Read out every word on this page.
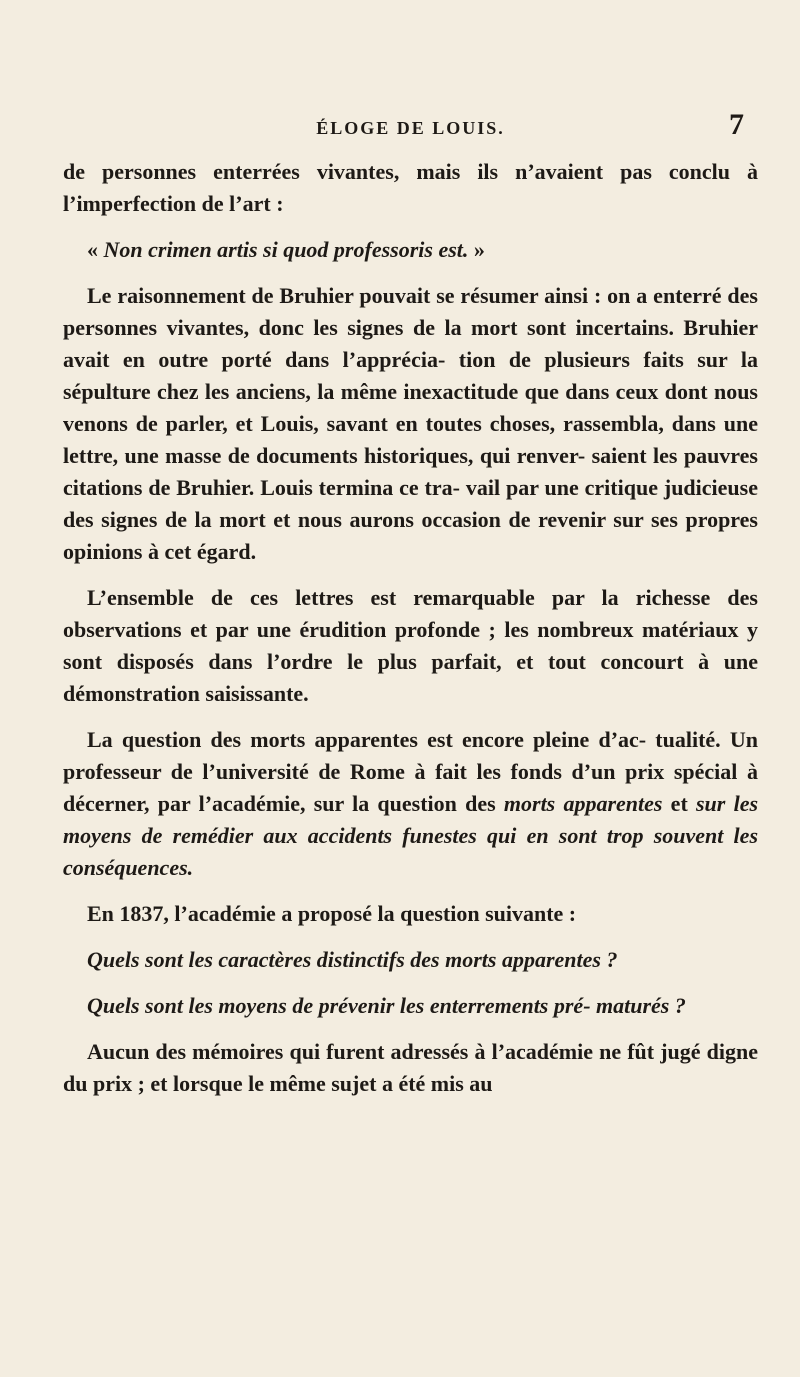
ÉLOGE DE LOUIS.	7

de personnes enterrées vivantes, mais ils n’avaient pas conclu à l’imperfection de l’art :

« Non crimen artis si quod professoris est. »

Le raisonnement de Bruhier pouvait se résumer ainsi : on a enterré des personnes vivantes, donc les signes de la mort sont incertains. Bruhier avait en outre porté dans l’apprécia- tion de plusieurs faits sur la sépulture chez les anciens, la même inexactitude que dans ceux dont nous venons de parler, et Louis, savant en toutes choses, rassembla, dans une lettre, une masse de documents historiques, qui renver- saient les pauvres citations de Bruhier. Louis termina ce tra- vail par une critique judicieuse des signes de la mort et nous aurons occasion de revenir sur ses propres opinions à cet égard.

L’ensemble de ces lettres est remarquable par la richesse des observations et par une érudition profonde ; les nombreux matériaux y sont disposés dans l’ordre le plus parfait, et tout concourt à une démonstration saisissante.

La question des morts apparentes est encore pleine d’ac- tualité. Un professeur de l’université de Rome à fait les fonds d’un prix spécial à décerner, par l’académie, sur la question des morts apparentes et sur les moyens de remédier aux accidents funestes qui en sont trop souvent les conséquences.

En 1837, l’académie a proposé la question suivante :

Quels sont les caractères distinctifs des morts apparentes ?

Quels sont les moyens de prévenir les enterrements pré- maturés ?

Aucun des mémoires qui furent adressés à l’académie ne fût jugé digne du prix ; et lorsque le même sujet a été mis au
